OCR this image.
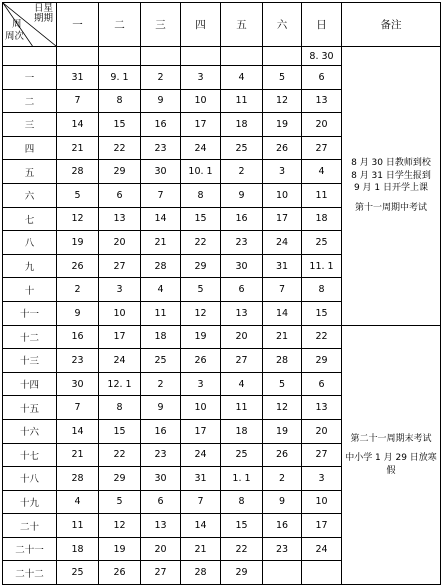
日星
期期
周
周次	一	二	三	四	五	六	日	备注
							8. 30	8 月 30 日教师到校

8 月 31 日学生报到

9 月 1 日开学上课

第十一周期中考试

一	31	9. 1	2	3	4	5	6	
二	7	8	9	10	11	12	13	
三	14	15	16	17	18	19	20	
四	21	22	23	24	25	26	27	
五	28	29	30	10. 1	2	3	4	
六	5	6	7	8	9	10	11	
七	12	13	14	15	16	17	18	
八	19	20	21	22	23	24	25	
九	26	27	28	29	30	31	11. 1	
十	2	3	4	5	6	7	8	
十一	9	10	11	12	13	14	15	
十二	16	17	18	19	20	21	22	第二十一周期末考试

中小学 1 月 29 日放寒假

十三	23	24	25	26	27	28	29	
十四	30	12. 1	2	3	4	5	6	
十五	7	8	9	10	11	12	13	
十六	14	15	16	17	18	19	20	
十七	21	22	23	24	25	26	27	
十八	28	29	30	31	1. 1	2	3	
十九	4	5	6	7	8	9	10	
二十	11	12	13	14	15	16	17	
二十一	18	19	20	21	22	23	24	
二十二	25	26	27	28	29			
